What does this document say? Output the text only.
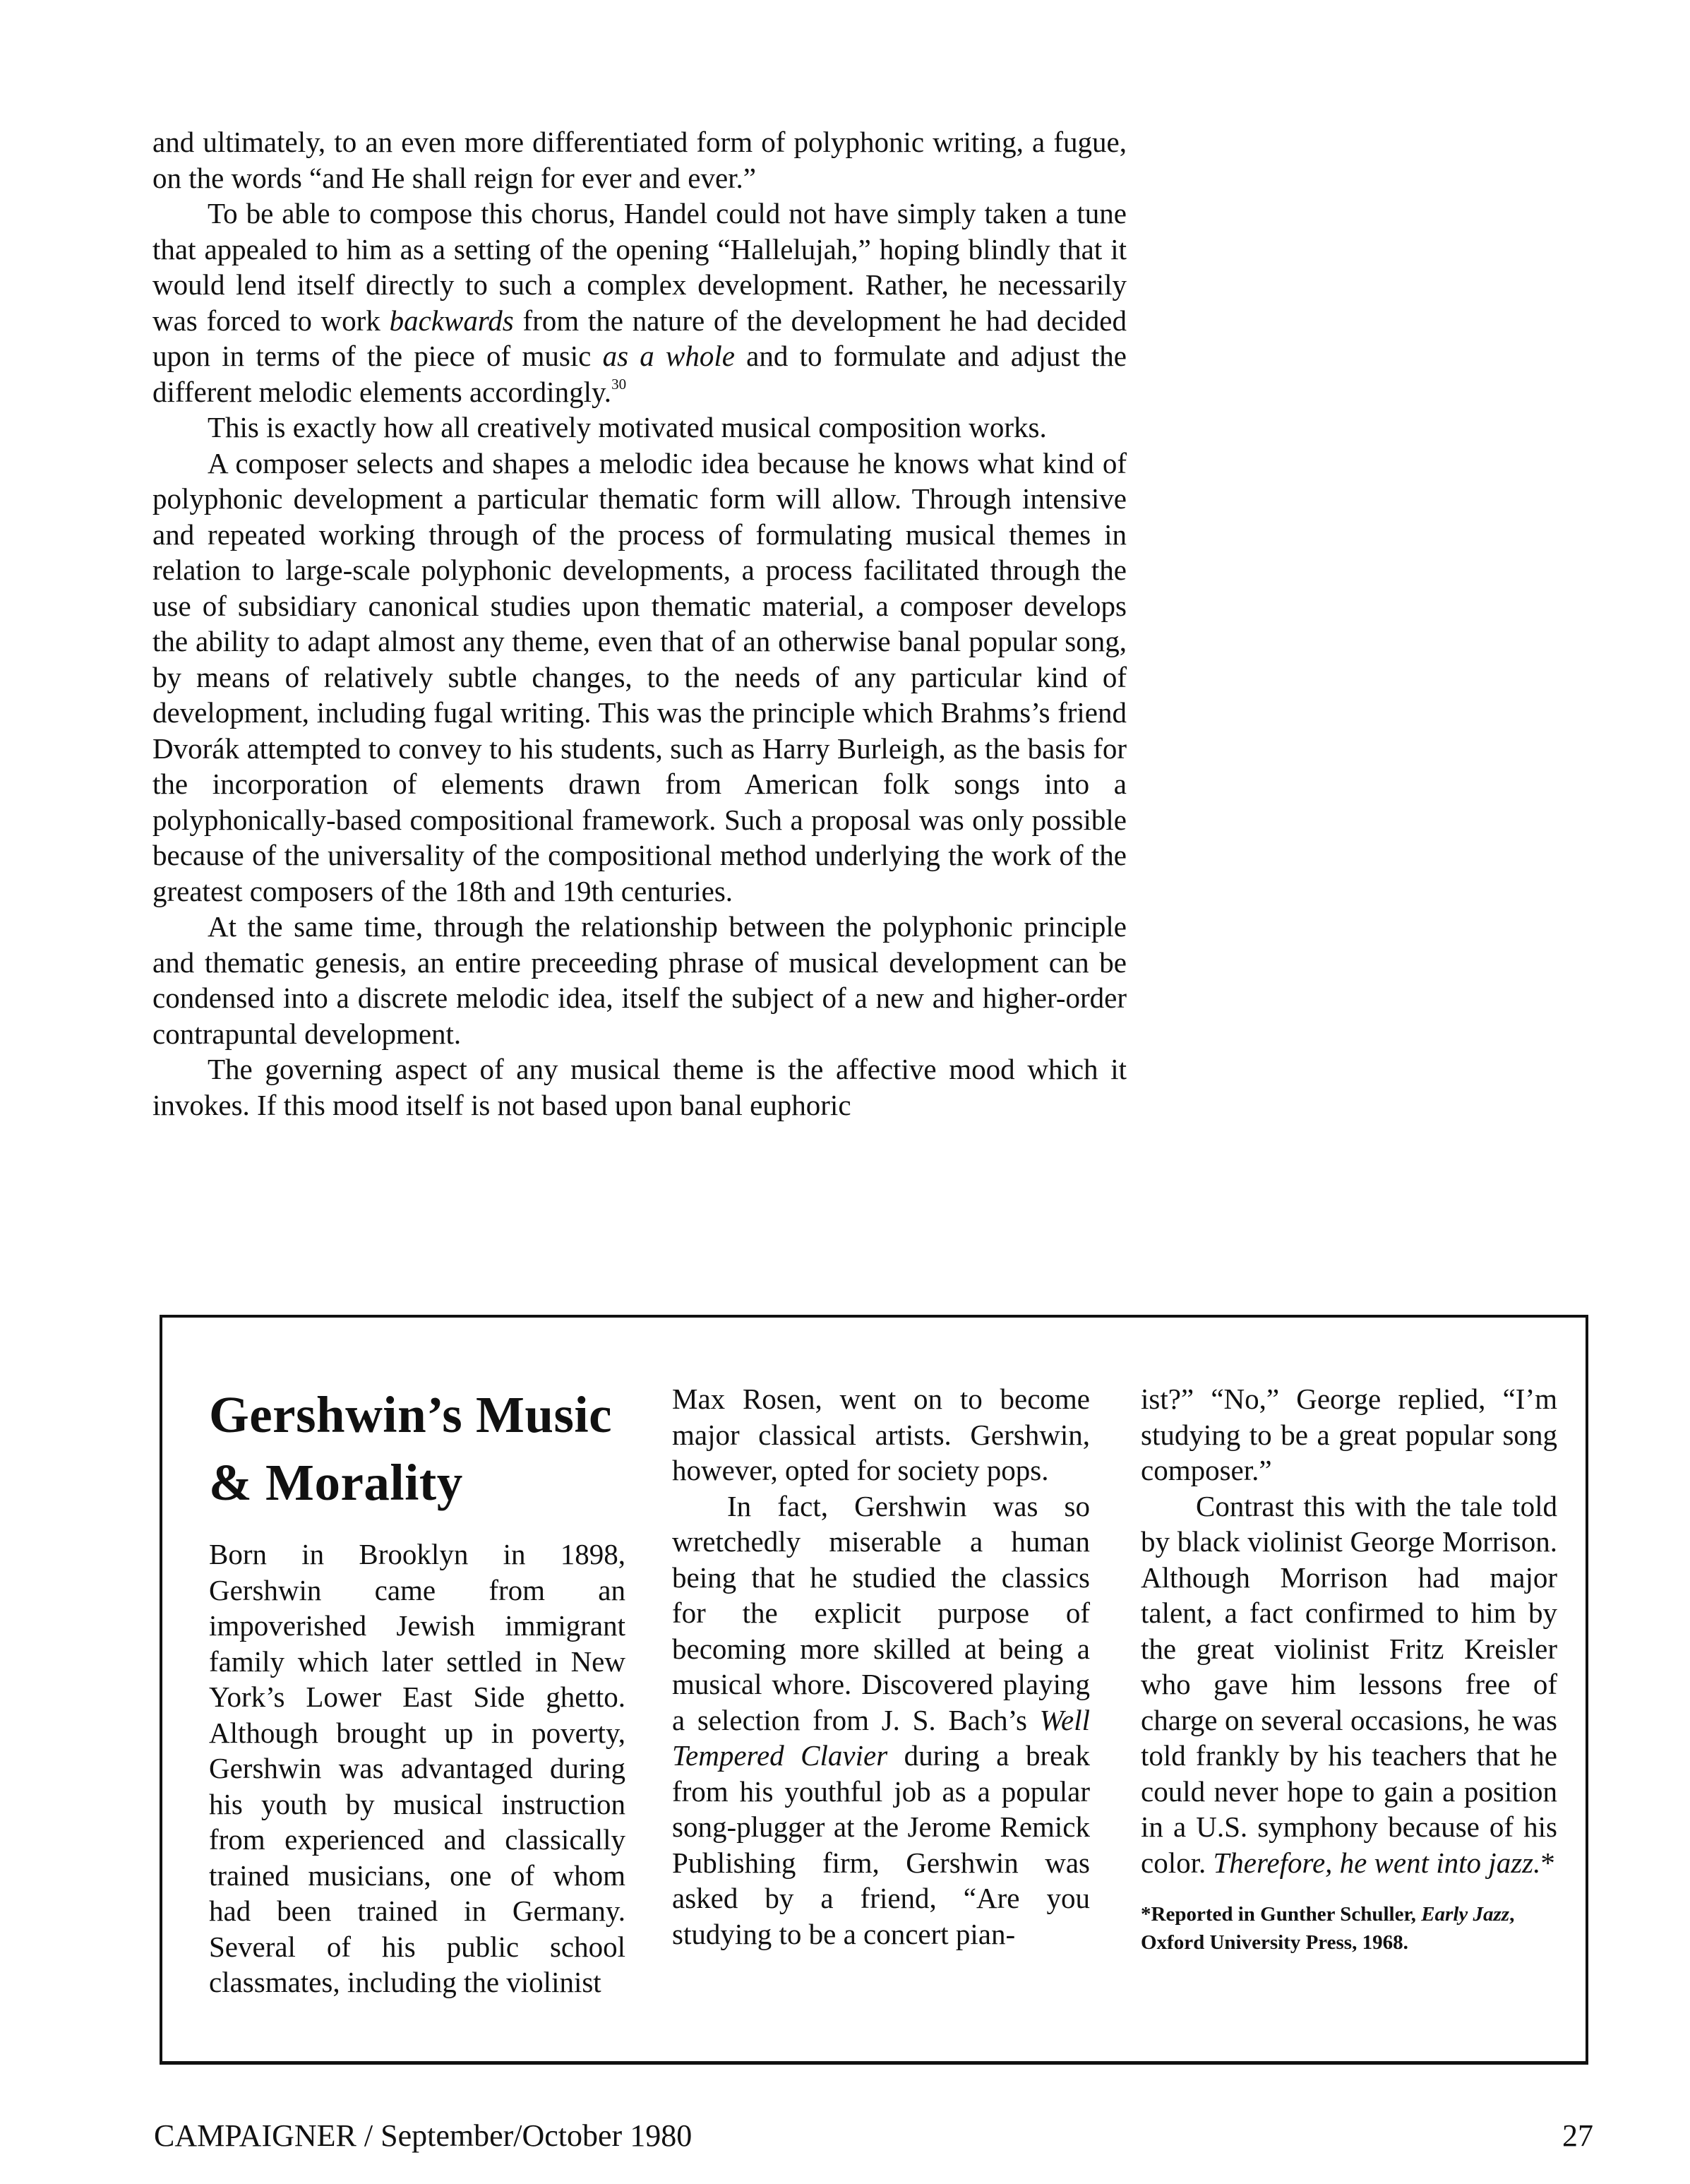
and ultimately, to an even more differentiated form of polyphonic writing, a fugue, on the words “and He shall reign for ever and ever.”

To be able to compose this chorus, Handel could not have simply taken a tune that appealed to him as a setting of the opening “Hallelujah,” hoping blindly that it would lend itself directly to such a complex development. Rather, he necessarily was forced to work backwards from the nature of the development he had decided upon in terms of the piece of music as a whole and to formulate and adjust the different melodic elements accordingly.$^{30}$

This is exactly how all creatively motivated musical composition works.

A composer selects and shapes a melodic idea because he knows what kind of polyphonic development a particular thematic form will allow. Through intensive and repeated working through of the process of formulating musical themes in relation to large-scale polyphonic developments, a process facilitated through the use of subsidiary canonical studies upon thematic material, a composer develops the ability to adapt almost any theme, even that of an otherwise banal popular song, by means of relatively subtle changes, to the needs of any particular kind of development, including fugal writing. This was the principle which Brahms’s friend Dvorák attempted to convey to his students, such as Harry Burleigh, as the basis for the incorporation of elements drawn from American folk songs into a polyphonically-based compositional framework. Such a proposal was only possible because of the universality of the compositional method underlying the work of the greatest composers of the 18th and 19th centuries.

At the same time, through the relationship between the polyphonic principle and thematic genesis, an entire preceeding phrase of musical development can be condensed into a discrete melodic idea, itself the subject of a new and higher-order contrapuntal development.

The governing aspect of any musical theme is the affective mood which it invokes. If this mood itself is not based upon banal euphoric

Gershwin’s Music
& Morality

Born in Brooklyn in 1898, Gershwin came from an impoverished Jewish immigrant family which later settled in New York’s Lower East Side ghetto. Although brought up in poverty, Gershwin was advantaged during his youth by musical instruction from experienced and classically trained musicians, one of whom had been trained in Germany. Several of his public school classmates, including the violinist

Max Rosen, went on to become major classical artists. Gershwin, however, opted for society pops.

In fact, Gershwin was so wretchedly miserable a human being that he studied the classics for the explicit purpose of becoming more skilled at being a musical whore. Discovered playing a selection from J. S. Bach’s Well Tempered Clavier during a break from his youthful job as a popular song-plugger at the Jerome Remick Publishing firm, Gershwin was asked by a friend, “Are you studying to be a concert pian-

ist?” “No,” George replied, “I’m studying to be a great popular song composer.”

Contrast this with the tale told by black violinist George Morrison. Although Morrison had major talent, a fact confirmed to him by the great violinist Fritz Kreisler who gave him lessons free of charge on several occasions, he was told frankly by his teachers that he could never hope to gain a position in a U.S. symphony because of his color. Therefore, he went into jazz.*

*Reported in Gunther Schuller, Early Jazz, Oxford University Press, 1968.

CAMPAIGNER / September/October 1980	27
